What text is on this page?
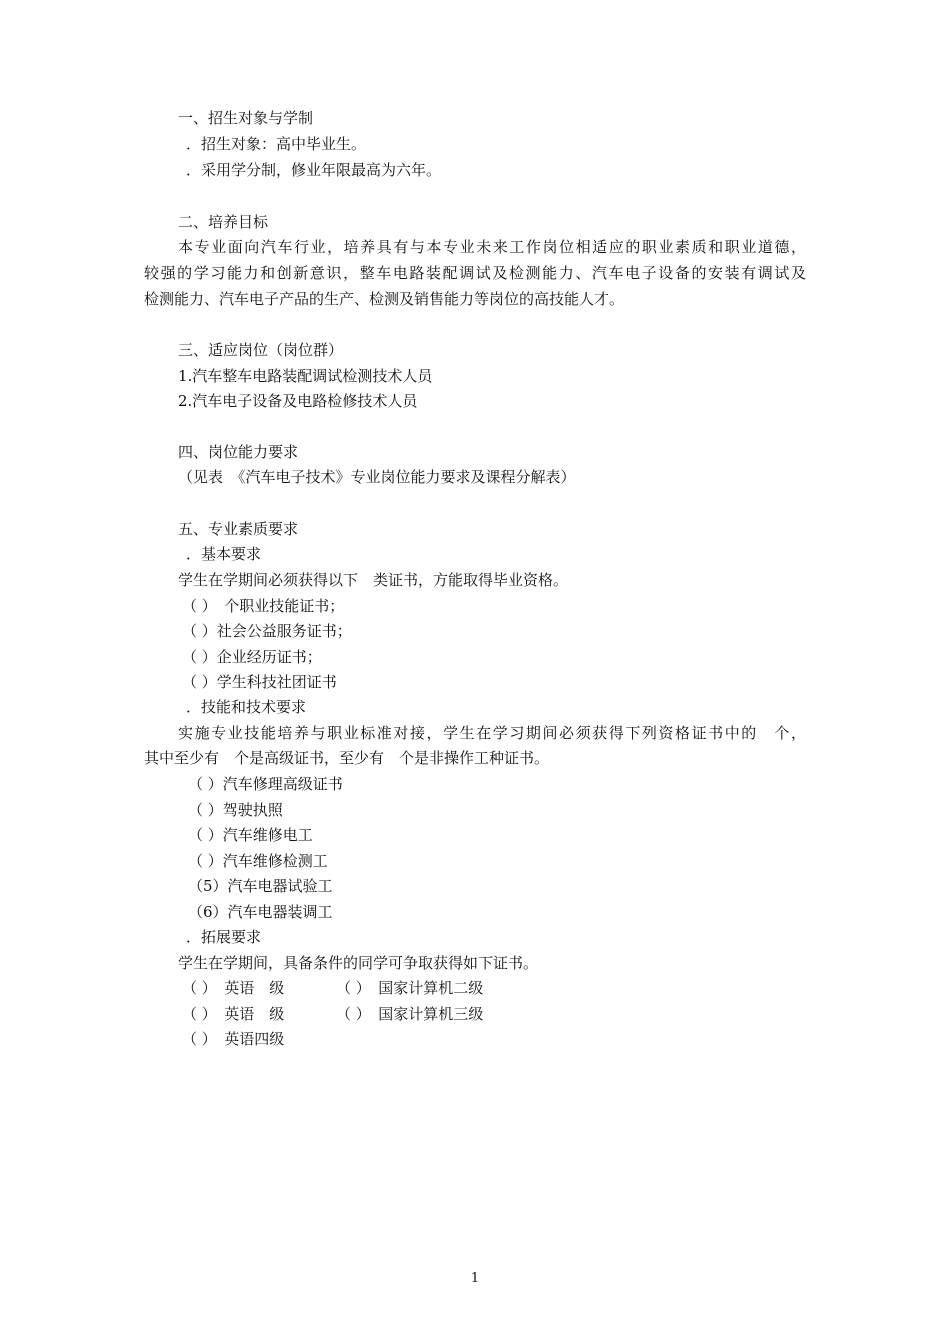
一、招生对象与学制

．招生对象：高中毕业生。

．采用学分制，修业年限最高为六年。

二、培养目标

本专业面向汽车行业，培养具有与本专业未来工作岗位相适应的职业素质和职业道德，

较强的学习能力和创新意识，整车电路装配调试及检测能力、汽车电子设备的安装有调试及

检测能力、汽车电子产品的生产、检测及销售能力等岗位的高技能人才。

三、适应岗位（岗位群）

1.汽车整车电路装配调试检测技术人员

2.汽车电子设备及电路检修技术人员

四、岗位能力要求

（见表　《汽车电子技术》专业岗位能力要求及课程分解表）

五、专业素质要求

．基本要求

学生在学期间必须获得以下　类证书，方能取得毕业资格。

（ ）　个职业技能证书；

（ ）社会公益服务证书；

（ ）企业经历证书；

（ ）学生科技社团证书

．技能和技术要求

实施专业技能培养与职业标准对接，学生在学习期间必须获得下列资格证书中的　个，

其中至少有　个是高级证书，至少有　个是非操作工种证书。

（ ）汽车修理高级证书

（ ）驾驶执照

（ ）汽车维修电工

（ ）汽车维修检测工

（5）汽车电器试验工

（6）汽车电器装调工

．拓展要求

学生在学期间，具备条件的同学可争取获得如下证书。

（ ）　英语　级	（ ）　国家计算机二级

（ ）　英语　级	（ ）　国家计算机三级

（ ）　英语四级

1
